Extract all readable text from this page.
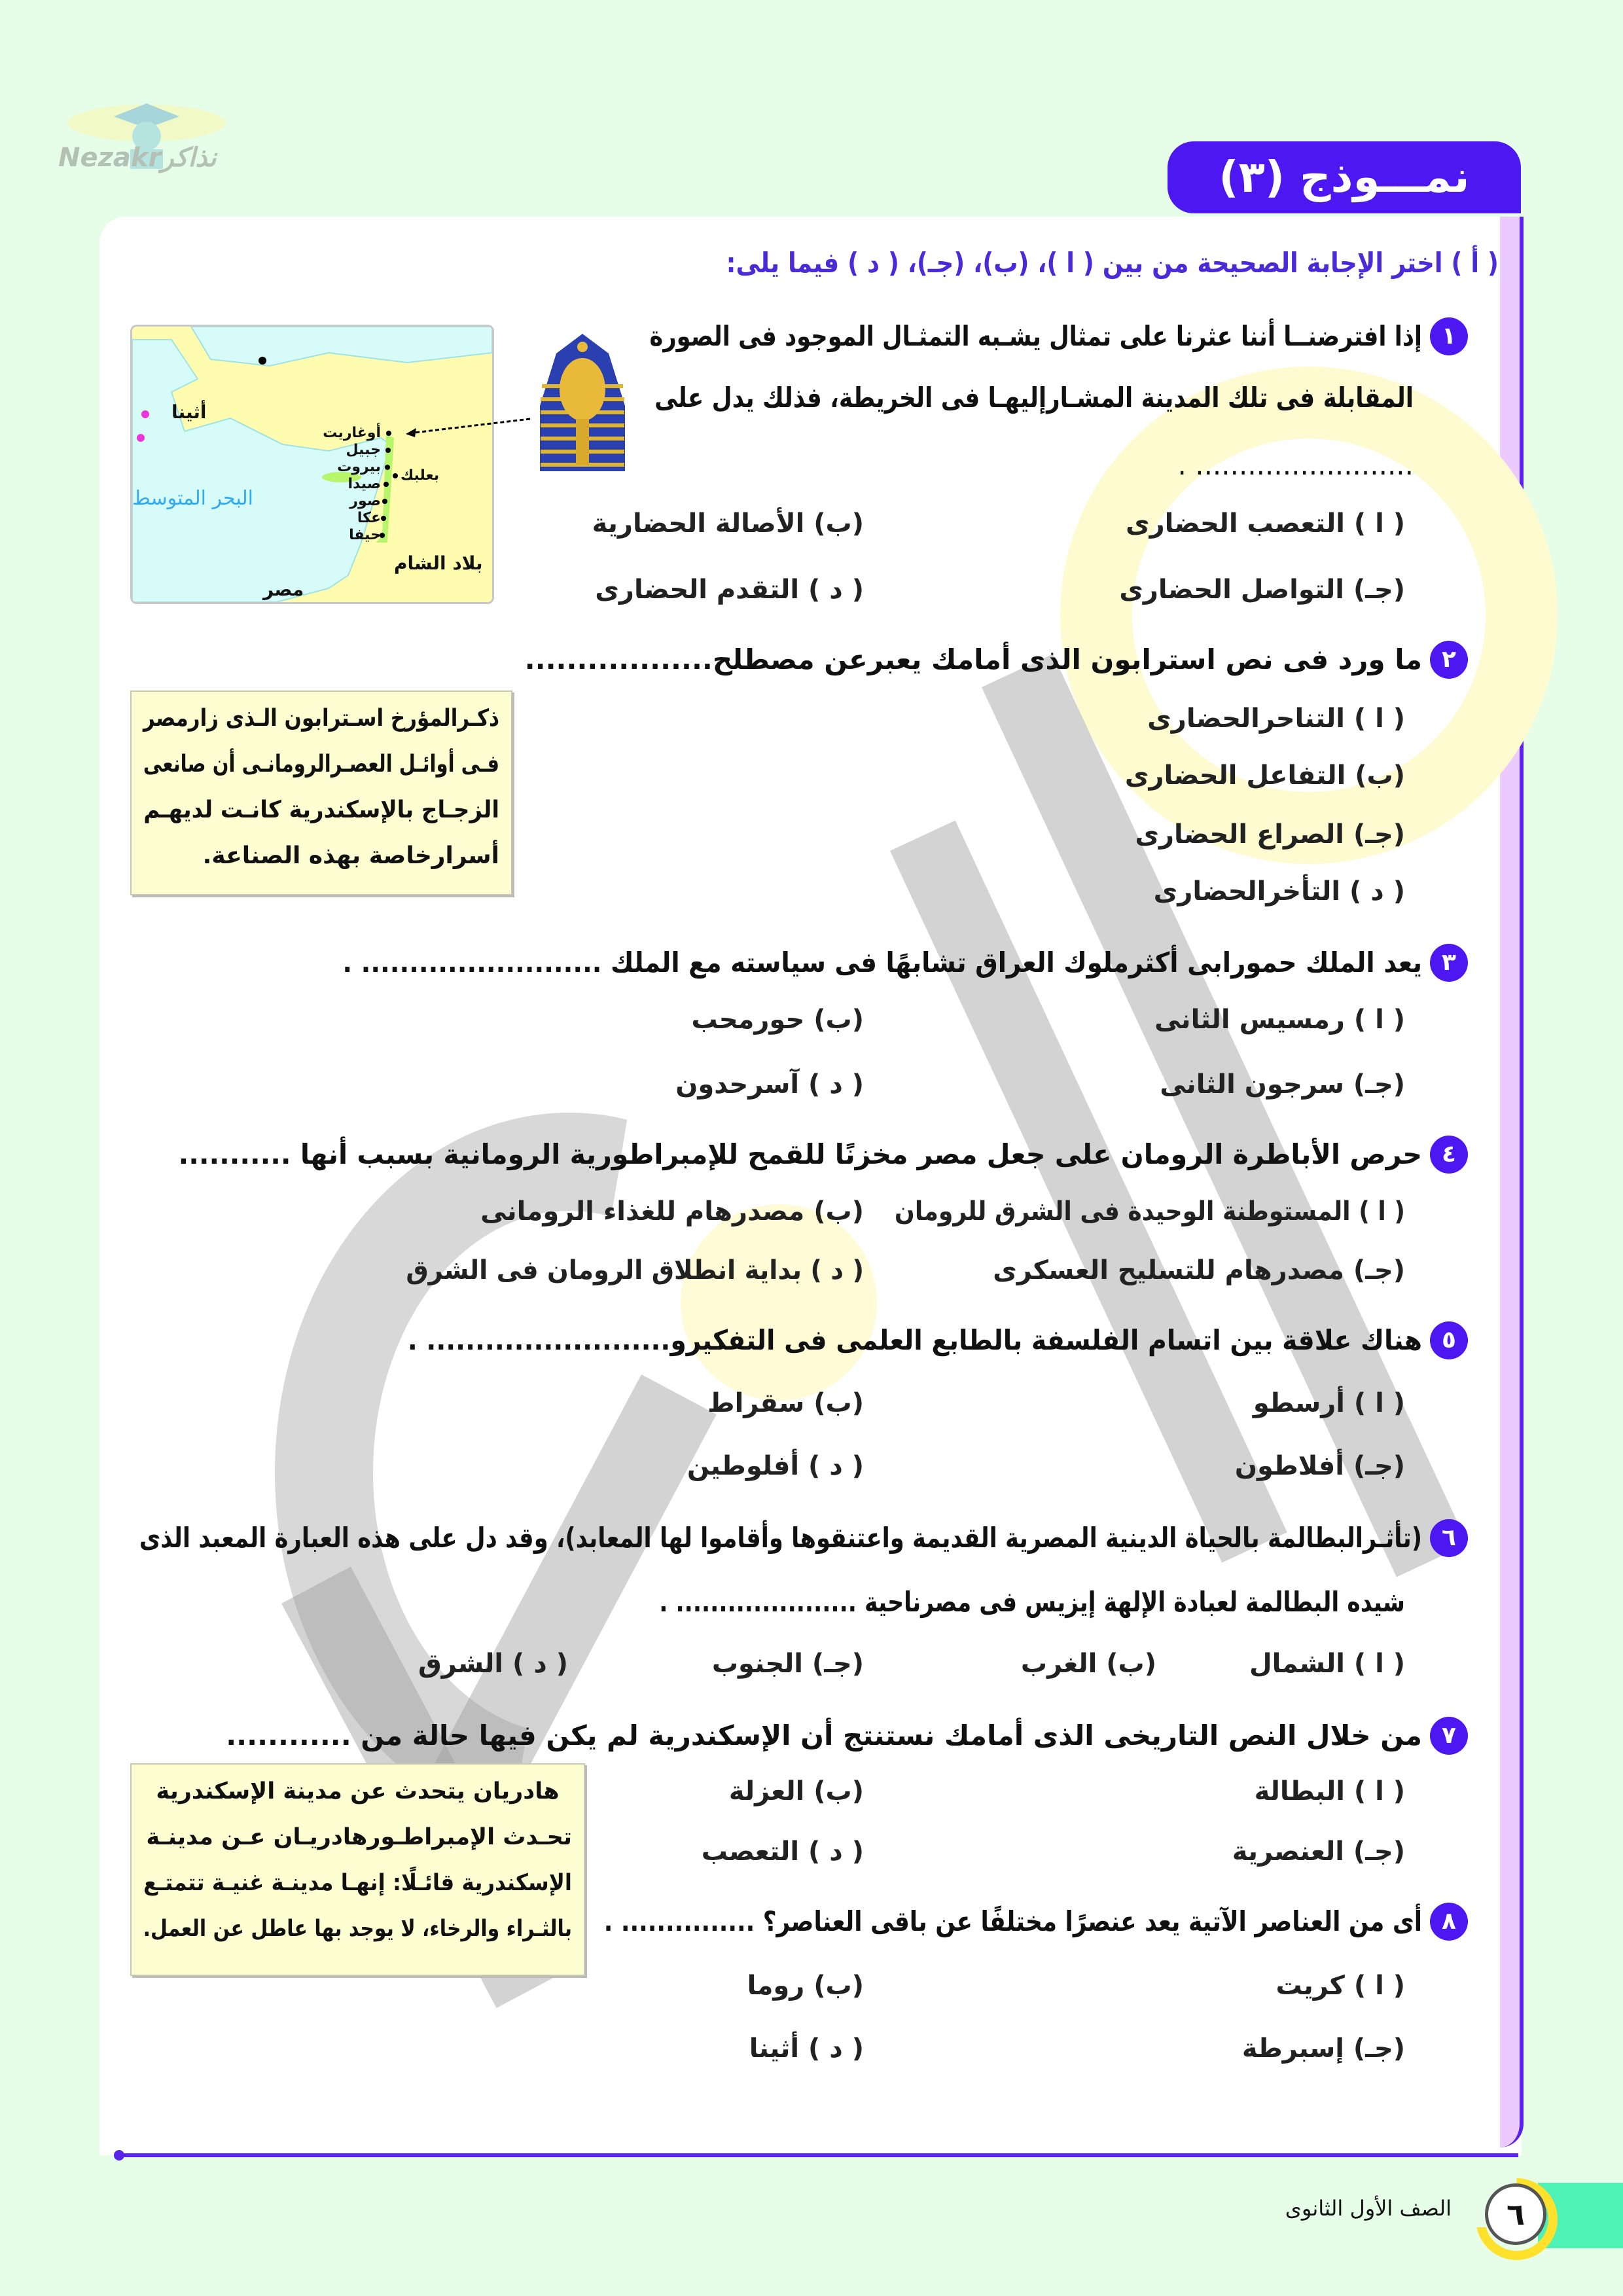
Nezakrنذاكر	نمـــوذج (٣)
( أ ) اختر الإجابة الصحيحة من بين ( ا )، (ب)، (جـ)، ( د ) فيما يلى:
أثينا
أوغاريت
جبيل
بيروت
صيدا
صور
عكا
حيفا
بعلبك
البحر المتوسط
بلاد الشام
مصر
ذكـرالمؤرخ اسـترابون الـذى زارمصر
فـى أوائـل العصـرالرومانـى أن صانعى
الزجـاج بالإسكندرية كانـت لديهـم
أسرارخاصة بهذه الصناعة.
هادريان يتحدث عن مدينة الإسكندرية
تحـدث الإمبراطـورهادريـان عـن مدينـة
الإسكندرية قائـلًا: إنهـا مدينـة غنيـة تتمتـع
بالثـراء والرخاء، لا يوجد بها عاطل عن العمل.
١
إذا افترضنــا أننا عثرنا على تمثال يشـبه التمثـال الموجود فى الصورة
المقابلة فى تلك المدينة المشـارإليهـا فى الخريطة، فذلك يدل على
......................... .
( ا ) التعصب الحضارى
(ب) الأصالة الحضارية
(جـ) التواصل الحضارى
( د ) التقدم الحضارى
٢
ما ورد فى نص استرابون الذى أمامك يعبرعن مصطلح..................
( ا ) التناحرالحضارى
(ب) التفاعل الحضارى
(جـ) الصراع الحضارى
( د ) التأخرالحضارى
٣
يعد الملك حمورابى أكثرملوك العراق تشابهًا فى سياسته مع الملك ......................... .
( ا ) رمسيس الثانى
(ب) حورمحب
(جـ) سرجون الثانى
( د ) آسرحدون
٤
حرص الأباطرة الرومان على جعل مصر مخزنًا للقمح للإمبراطورية الرومانية بسبب أنها ...........
( ا ) المستوطنة الوحيدة فى الشرق للرومان
(ب) مصدرهام للغذاء الرومانى
(جـ) مصدرهام للتسليح العسكرى
( د ) بداية انطلاق الرومان فى الشرق
٥
هناك علاقة بين اتسام الفلسفة بالطابع العلمى فى التفكيرو......................... .
( ا ) أرسطو
(ب) سقراط
(جـ) أفلاطون
( د ) أفلوطين
٦
(تأثـرالبطالمة بالحياة الدينية المصرية القديمة واعتنقوها وأقاموا لها المعابد)، وقد دل على هذه العبارة المعبد الذى
شيده البطالمة لعبادة الإلهة إيزيس فى مصرناحية ..................... .
( ا ) الشمال
(ب) الغرب
(جـ) الجنوب
( د ) الشرق
٧
من خلال النص التاريخى الذى أمامك نستنتج أن الإسكندرية لم يكن فيها حالة من ............
( ا ) البطالة
(ب) العزلة
(جـ) العنصرية
( د ) التعصب
٨
أى من العناصر الآتية يعد عنصرًا مختلفًا عن باقى العناصر؟ ............... .
( ا ) كريت
(ب) روما
(جـ) إسبرطة
( د ) أثينا
٦
الصف الأول الثانوى
